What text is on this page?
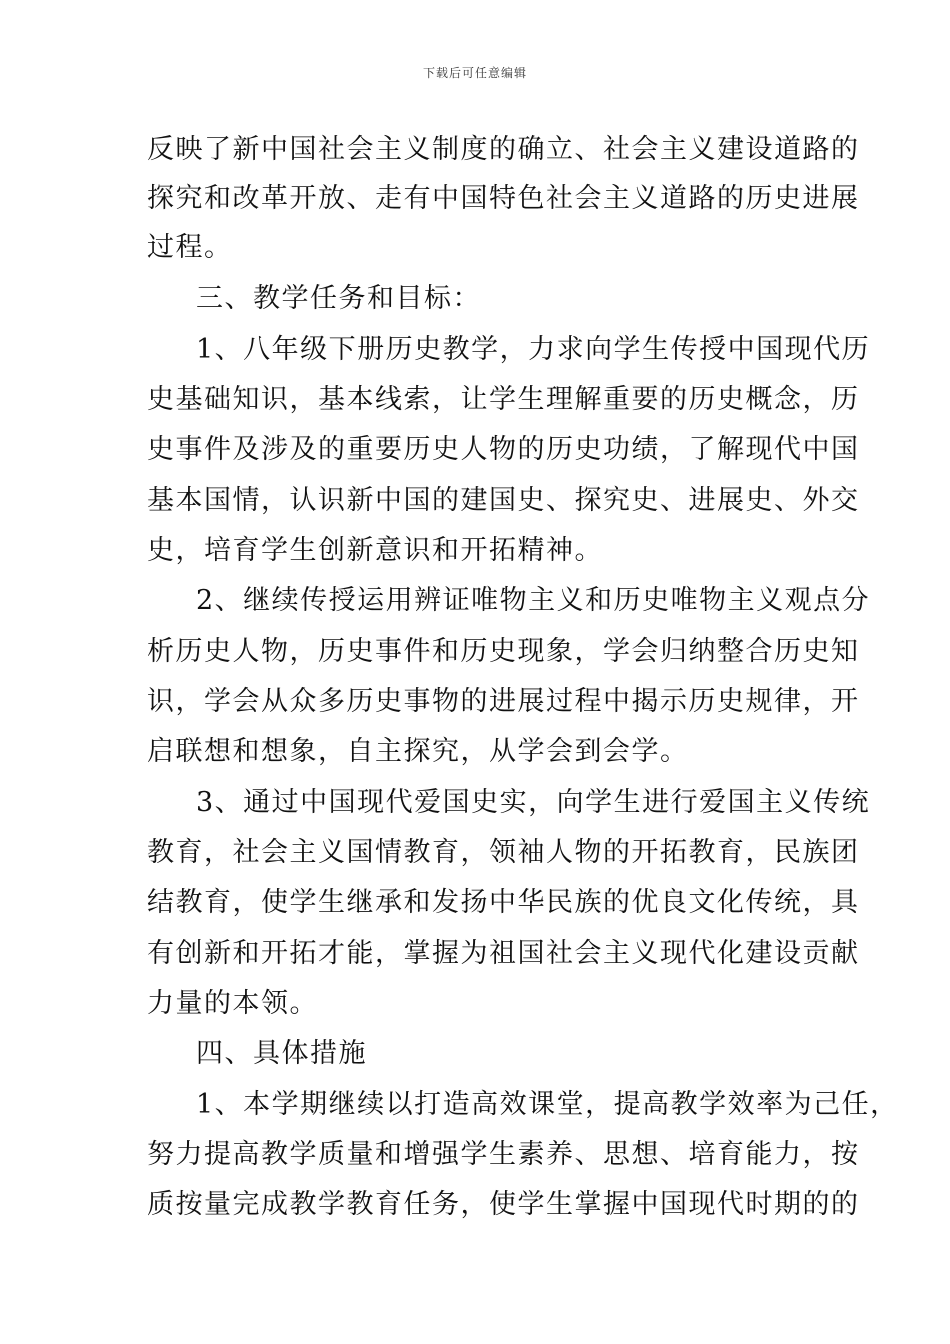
下载后可任意编辑
反映了新中国社会主义制度的确立、社会主义建设道路的
探究和改革开放、走有中国特色社会主义道路的历史进展
过程。
三、教学任务和目标：
1、八年级下册历史教学，力求向学生传授中国现代历
史基础知识，基本线索，让学生理解重要的历史概念，历
史事件及涉及的重要历史人物的历史功绩，了解现代中国
基本国情，认识新中国的建国史、探究史、进展史、外交
史，培育学生创新意识和开拓精神。
2、继续传授运用辨证唯物主义和历史唯物主义观点分
析历史人物，历史事件和历史现象，学会归纳整合历史知
识，学会从众多历史事物的进展过程中揭示历史规律，开
启联想和想象，自主探究，从学会到会学。
3、通过中国现代爱国史实，向学生进行爱国主义传统
教育，社会主义国情教育，领袖人物的开拓教育，民族团
结教育，使学生继承和发扬中华民族的优良文化传统，具
有创新和开拓才能，掌握为祖国社会主义现代化建设贡献
力量的本领。
四、具体措施
1、本学期继续以打造高效课堂，提高教学效率为己任，
努力提高教学质量和增强学生素养、思想、培育能力，按
质按量完成教学教育任务，使学生掌握中国现代时期的的
